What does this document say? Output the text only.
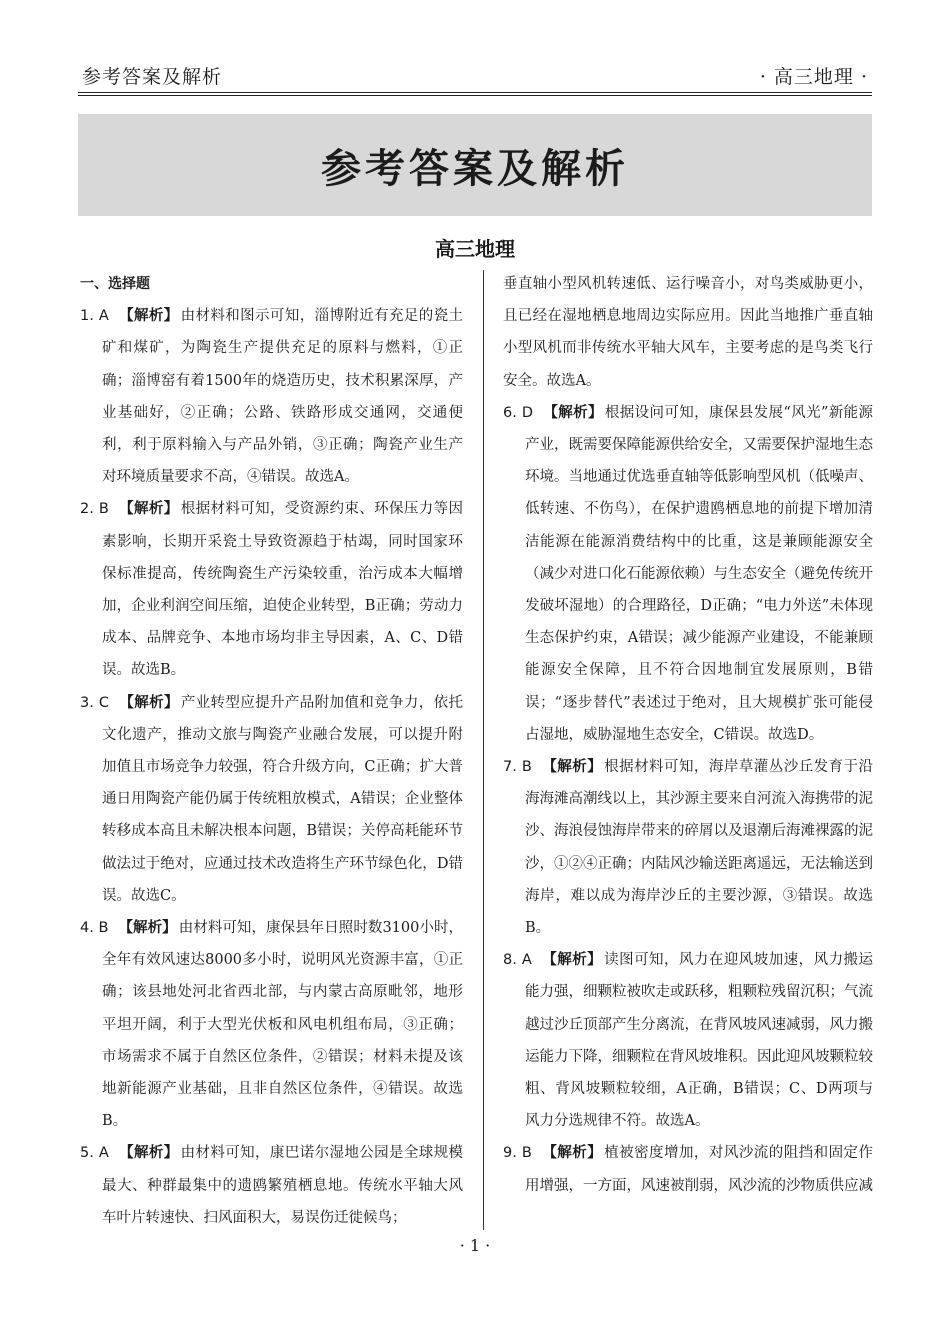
参考答案及解析	· 高三地理 ·
参考答案及解析
高三地理
一、选择题
1. A 【解析】 由材料和图示可知，淄博附近有充足的瓷土矿和煤矿，为陶瓷生产提供充足的原料与燃料，①正确；淄博窑有着1500年的烧造历史，技术积累深厚，产业基础好，②正确；公路、铁路形成交通网，交通便利，利于原料输入与产品外销，③正确；陶瓷产业生产对环境质量要求不高，④错误。故选A。
2. B 【解析】 根据材料可知，受资源约束、环保压力等因素影响，长期开采瓷土导致资源趋于枯竭，同时国家环保标准提高，传统陶瓷生产污染较重，治污成本大幅增加，企业利润空间压缩，迫使企业转型，B正确；劳动力成本、品牌竞争、本地市场均非主导因素，A、C、D错误。故选B。
3. C 【解析】 产业转型应提升产品附加值和竞争力，依托文化遗产，推动文旅与陶瓷产业融合发展，可以提升附加值且市场竞争力较强，符合升级方向，C正确；扩大普通日用陶瓷产能仍属于传统粗放模式，A错误；企业整体转移成本高且未解决根本问题，B错误；关停高耗能环节做法过于绝对，应通过技术改造将生产环节绿色化，D错误。故选C。
4. B 【解析】 由材料可知，康保县年日照时数3100小时，全年有效风速达8000多小时，说明风光资源丰富，①正确；该县地处河北省西北部，与内蒙古高原毗邻，地形平坦开阔，利于大型光伏板和风电机组布局，③正确；市场需求不属于自然区位条件，②错误；材料未提及该地新能源产业基础，且非自然区位条件，④错误。故选B。
5. A 【解析】 由材料可知，康巴诺尔湿地公园是全球规模最大、种群最集中的遗鸥繁殖栖息地。传统水平轴大风车叶片转速快、扫风面积大，易误伤迁徙候鸟；
垂直轴小型风机转速低、运行噪音小，对鸟类威胁更小，且已经在湿地栖息地周边实际应用。因此当地推广垂直轴小型风机而非传统水平轴大风车，主要考虑的是鸟类飞行安全。故选A。
6. D 【解析】 根据设问可知，康保县发展“风光”新能源产业，既需要保障能源供给安全，又需要保护湿地生态环境。当地通过优选垂直轴等低影响型风机（低噪声、低转速、不伤鸟），在保护遗鸥栖息地的前提下增加清洁能源在能源消费结构中的比重，这是兼顾能源安全（减少对进口化石能源依赖）与生态安全（避免传统开发破坏湿地）的合理路径，D正确；“电力外送”未体现生态保护约束，A错误；减少能源产业建设，不能兼顾能源安全保障，且不符合因地制宜发展原则，B错误；“逐步替代”表述过于绝对，且大规模扩张可能侵占湿地，威胁湿地生态安全，C错误。故选D。
7. B 【解析】 根据材料可知，海岸草灌丛沙丘发育于沿海海滩高潮线以上，其沙源主要来自河流入海携带的泥沙、海浪侵蚀海岸带来的碎屑以及退潮后海滩裸露的泥沙，①②④正确；内陆风沙输送距离遥远，无法输送到海岸，难以成为海岸沙丘的主要沙源，③错误。故选B。
8. A 【解析】 读图可知，风力在迎风坡加速，风力搬运能力强，细颗粒被吹走或跃移，粗颗粒残留沉积；气流越过沙丘顶部产生分离流，在背风坡风速减弱，风力搬运能力下降，细颗粒在背风坡堆积。因此迎风坡颗粒较粗、背风坡颗粒较细，A正确，B错误；C、D两项与风力分选规律不符。故选A。
9. B 【解析】 植被密度增加，对风沙流的阻挡和固定作用增强，一方面，风速被削弱，风沙流的沙物质供应减
· 1 ·
